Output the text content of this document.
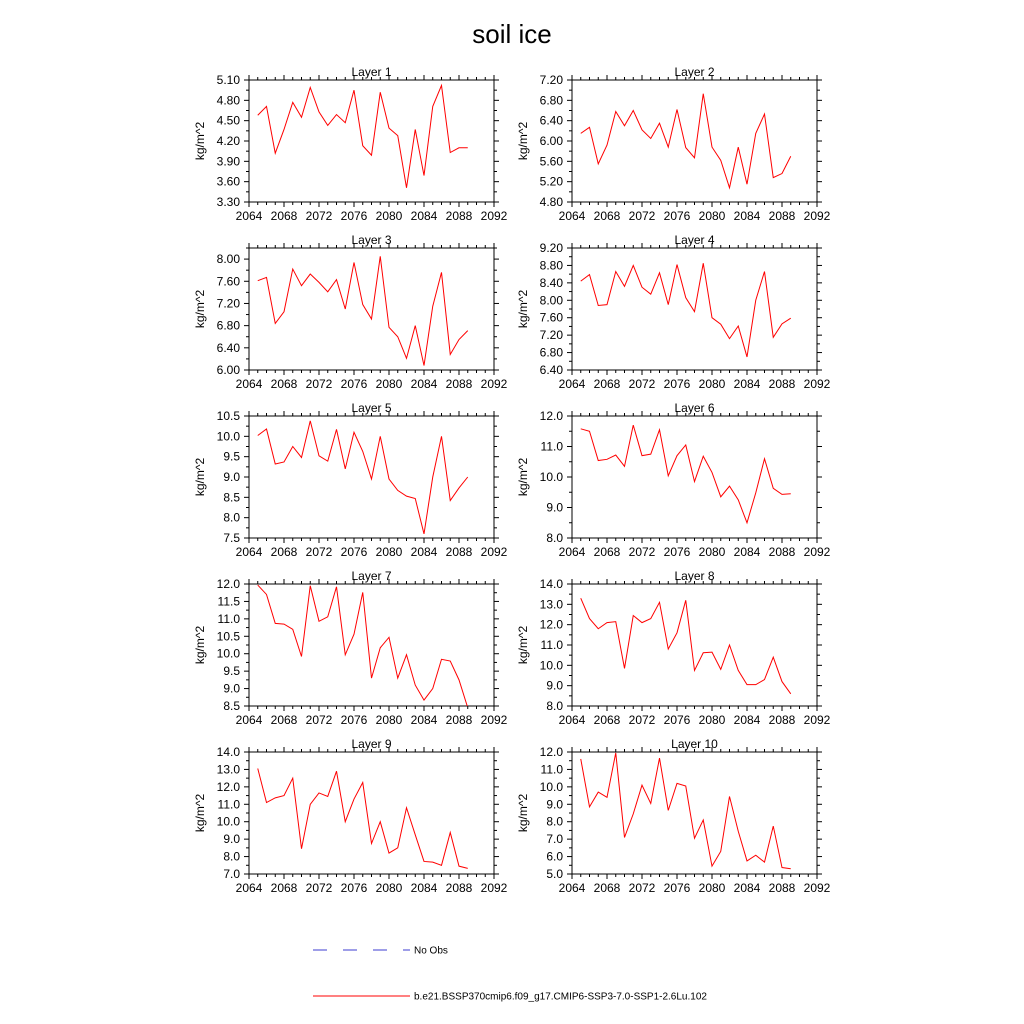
soil ice
Layer 1
2064 2068 2072 2076 2080 2084 2088 2092
3.30
3.60
3.90
4.20
4.50
4.80
5.10
kg/m^2
Layer 2
2064 2068 2072 2076 2080 2084 2088 2092
4.80
5.20
5.60
6.00
6.40
6.80
7.20
kg/m^2
Layer 3
2064 2068 2072 2076 2080 2084 2088 2092
6.00
6.40
6.80
7.20
7.60
8.00
kg/m^2
Layer 4
2064 2068 2072 2076 2080 2084 2088 2092
6.40
6.80
7.20
7.60
8.00
8.40
8.80
9.20
kg/m^2
Layer 5
2064 2068 2072 2076 2080 2084 2088 2092
7.5
8.0
8.5
9.0
9.5
10.0
10.5
kg/m^2
Layer 6
2064 2068 2072 2076 2080 2084 2088 2092
8.0
9.0
10.0
11.0
12.0
kg/m^2
Layer 7
2064 2068 2072 2076 2080 2084 2088 2092
8.5
9.0
9.5
10.0
10.5
11.0
11.5
12.0
kg/m^2
Layer 8
2064 2068 2072 2076 2080 2084 2088 2092
8.0
9.0
10.0
11.0
12.0
13.0
14.0
kg/m^2
Layer 9
2064 2068 2072 2076 2080 2084 2088 2092
7.0
8.0
9.0
10.0
11.0
12.0
13.0
14.0
kg/m^2
Layer 10
2064 2068 2072 2076 2080 2084 2088 2092
5.0
6.0
7.0
8.0
9.0
10.0
11.0
12.0
kg/m^2
No Obs
b.e21.BSSP370cmip6.f09_g17.CMIP6-SSP3-7.0-SSP1-2.6Lu.102
